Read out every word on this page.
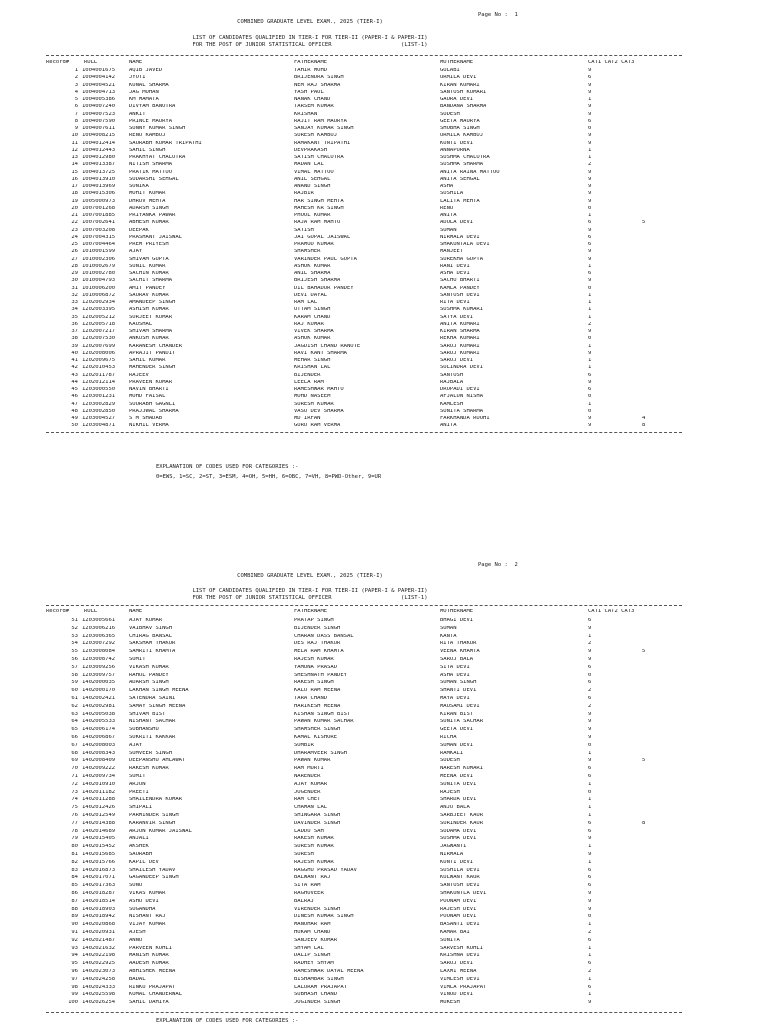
Page No : 1
COMBINED GRADUATE LEVEL EXAM., 2025 (TIER-I)
LIST OF CANDIDATES QUALIFIED IN TIER-I FOR TIER-II (PAPER-I & PAPER-II)
FOR THE POST OF JUNIOR STATISTICAL OFFICER                     (LIST-1)
Record#	ROLL	NAME	FATHERNAME	MOTHERNAME	CAT1 CAT2 CAT3
1 1004001675	AQIB JAVED	TAHIR MOHD	GULABI	9
2 1004004142	JYOTI	BRIJENDRA SINGH	URMILA DEVI	6
3 1004004521	KUNAL SHARMA	NEM RAJ SHARMA	KIRAN KUMARI	9
4 1004004713	JAG MOHAN	YASH PAUL	SANTOSH KUMARI	9
5 1004005386	KM MAMATA	NANAK CHAND	GAURA DEVI	1
6 1004007240	DIVYAM BANOTRA	TARSEM KUMAR	BANDANA SHARMA	9
7 1004007523	ANKIT	KRISHAN	SUDESH	9
8 1004007590	PRINCE MAURYA	RAJIT RAM MAURYA	GEETA MAURYA	6
9 1004007611	SUNNY KUMAR SINGH	SANJAY KUMAR SINGH	SHOBHA SINGH	0
10 1004008215	RENU KAMBOJ	SURESH KAMBOJ	URMILA KAMBOJ	9
11 1004012414	SAURABH KUMAR TRIPATHI	RAMAKANT TRIPATHI	KUNTI DEVI	9
12 1004012443	SAHIL SINGH	DEVPRAKASH	ANNAPURNA	1
13 1004012980	PRAKHYAT CHALOTRA	SATISH CHALOTRA	SUSHMA CHALOTRA	1
14 1004013387	NITISH SHARMA	MADAN LAL	SUSHMA SHARMA	2
15 1004013725	PRATIK MATTOO	VIMAL MATTOO	ANITA RAINA MATTOO	9
16 1004013910	SUDARSHI SEHGAL	ANIL SEHGAL	ANITA SEHGAL	9
17 1004013969	SONIKA	ANAND SINGH	ASHA	9
18 1004015306	MOHIT KUMAR	RAJBIR	SUSHILA	9
19 1005000973	DHRUV MEHTA	HAR SINGH MEHTA	LALITA MEHTA	9
20 1007001268	ADARSH SINGH	MAHESH KR SINGH	RENU	0
21 1007001885	PRIYANKA PAWAR	PHOOL KUMAR	ANITA	1
22 1007002641	ABHESH KUMAR	RAJA RAM MAHTO	ADULA DEVI	6	5
23 1007003208	DEEPAK	SATISH	SUMAN	9
24 1007004315	PRASHANT JAISWAL	JAI GOPAL JAISWAL	NIRMALA DEVI	6
25 1007004464	PREM PRIYESH	PRAMOD KUMAR	SHAKUNTALA DEVI	6
26 1010001599	AJAY	SHAMSHER	MANJEET	9
27 1010002306	SHIVAM GUPTA	VARINDER PAUL GUPTA	SUREKHA GUPTA	9
28 1010002679	SUNIL KUMAR	ASHOK KUMAR	RANI DEVI	1
29 1010002780	SACHIN KUMAR	ANIL SHARMA	ASHA DEVI	6
30 1010004793	SACHIT SHARMA	BRIJESH SHARMA	SACHU BHARTI	9
31 1010006200	AMIT PANDEY	DIL BAHADUR PANDEY	KAMLA PANDEY	0
32 1010006872	SAURAV KUMAR	DEVI DAYAL	SANTOSH DEVI	1
33 1202002934	AMANDEEP SINGH	RAM LAL	RITA DEVI	1
34 1202003395	ASHISH KUMAR	UTTAM SINGH	SUSHMA KUMARI	1
35 1202005212	SURJEET KUMAR	KARAM CHAND	SATYA DEVI	1
36 1202005718	KAUSHAL	RAJ KUMAR	ANITA KUMARI	2
37 1202007217	SHIVAM SHARMA	VIVEK SHARMA	KIRAN SHARMA	9
38 1202007530	ANKUSH KUMAR	ASHOK KUMAR	REKHA KUMARI	0
39 1202007699	KARANESH CHANDER	JAGDISH CHAND RANOTE	SAROJ KUMARI	1
40 1202008006	APRAJIT PANDIT	RAVI KANT SHARMA	SAROJ KUMARI	9
41 1202009675	SAHIL KUMAR	MEHAR SINGH	SAROJ DEVI	1
42 1202010453	MAHENDER SINGH	KRISHAN LAL	SULINDRA DEVI	1
43 1202011787	RAJEEV	BIJENDER	SANTOSH	6
44 1202012114	PRAVEEN KUMAR	LEELA RAM	RAJBALA	9
45 1203000550	NAVIN BHARTI	RAMESHWAR MAHTO	DROPADI DEVI	6
46 1203001231	MOHD FAISAL	MOHD NASEEM	AFJALUN NISHA	0
47 1203002829	SOURABH GAGNLI	SURESH KUMAR	KAMLESH	1
48 1203002850	PRAJJWAL SHARMA	VASU DEV SHARMA	SUNITA SHARMA	0
49 1203004527	S M SHADAB	MD IRFAN	FARKHANDA ROOHI	9	4
50 1203004871	NIKHIL VERMA	GURU RAM VERMA	ANITA	9	8
EXPLANATION OF CODES USED FOR CATEGORIES :-
0=EWS, 1=SC, 2=ST, 3=ESM, 4=OH, 5=HH, 6=OBC, 7=VH, 8=PWD-Other, 9=UR
Page No : 2
COMBINED GRADUATE LEVEL EXAM., 2025 (TIER-I)
LIST OF CANDIDATES QUALIFIED IN TIER-I FOR TIER-II (PAPER-I & PAPER-II)
FOR THE POST OF JUNIOR STATISTICAL OFFICER                     (LIST-1)
Record#	ROLL	NAME	FATHERNAME	MOTHERNAME	CAT1 CAT2 CAT3
51 1203005661	AJAY KUMAR	PRATAP SINGH	BHAGI DEVI	6
52 1203006216	VAIBHAV SINGH	BIJENDER SINGH	SUMAN	9
53 1203006365	CHIRAG BANSAL	CHARAN DASS BANSAL	KANTA	1
54 1203007292	SAKSHAM THAKUR	DES RAJ THAKUR	RITA THAKUR	2
55 1203008084	SAMRITI KHAMTA	MELA RAM KHAMTA	VEENA KHAMTA	9	5
56 1203008742	SUMIT	RAJESH KUMAR	SAROJ BALA	9
57 1203009256	VIKASH KUMAR	YAMUNA PRASAD	SITA DEVI	6
58 1203009757	RAHUL PANDEY	SHESHNATH PANDEY	ASHA DEVI	0
59 1402000035	ADARSH SINGH	RAKESH SINGH	SUMAN SINGH	6
60 1402000170	LAKHAN SINGH MEENA	KALU RAM MEENA	SHANTI DEVI	2
61 1402002421	SATENDRA SAINI	TARA CHAND	MAYA DEVI	6
62 1402002981	SAMAY SINGH MEENA	HARIKESH MEENA	MAUSAMI DEVI	2
63 1402005038	SHIVAM BIST	KISHAN SINGH BIST	KIRAN BIST	9
64 1402005533	NISHANT SACHAR	PAWAN KUMAR SACHAR	SUNITA SACHAR	9
65 1402006174	SUBHANSHU	SHAMSHER SINGH	GEETA DEVI	9
66 1402006867	SUKRITI KAKKAR	KAMAL KISHORE	RICHA	9
67 1402008003	AJAY	SOMBIR	SUMAN DEVI	0
68 1402008343	SUMVEER SINGH	DHARAMVEER SINGH	RAMKALI	1
69 1402008409	DEEPANSHU AHLAWAT	PAWAN KUMAR	SUDESH	9	5
70 1402009222	RAKESH KUMAR	RAM MURTI	NARESH KUMARI	6
71 1402009734	SUMIT	NARENDER	MEENA DEVI	6
72 1402010910	ARJUN	AJAY KUMAR	SUNITA DEVI	1
73 1402011182	PREETI	JOGENDER	RAJESH	0
74 1402011288	SHAILENDRA KUMAR	RAM CHET	SHARDA DEVI	1
75 1402012426	SHIPALI	CHAMAN LAL	ANJU BALA	1
76 1402012549	PARMINDER SINGH	SHINGARA SINGH	SARBJEET KAUR	1
77 1402014388	KARANVIR SINGH	DAVINDER SINGH	SURINDER KAUR	6	8
78 1402014689	ARJUN KUMAR JAISWAL	LADDU SAH	SUDAMA DEVI	6
79 1402015405	ANJALI	RAKESH KUMAR	SUSHMA DEVI	9
80 1402015452	AKSHEK	SURESH KUMAR	JAGWANTI	1
81 1402015685	SAURABH	SURESH	NIRMALA	9
82 1402015766	KAPIL DEV	RAJESH KUMAR	KUNTI DEVI	1
83 1402016873	SHAILESH YADAV	RAGGHU PRASAD YADAV	SUSHILA DEVI	6
84 1402017071	GAGANDEEP SINGH	BALWANT RAJ	KULWANT KAUR	6
85 1402017363	SONU	SITA RAM	SANTOSH DEVI	6
86 1402018287	VIKAS KUMAR	RAGHUVEER	SHAKUNTLA DEVI	9
87 1402018514	ASHU DEVI	BALRAJ	POONAM DEVI	9
88 1402018903	SUGANDHA	VIRENDER SINGH	RAJESH DEVI	9
89 1402018942	NISHANT RAJ	DINESH KUMAR SINGH	POONAM DEVI	0
90 1402020868	VIJAY KUMAR	MANOHAR RAM	BASANTI DEVI	1
91 1402020931	AJESH	HUKAM CHAND	KAMAR BAI	2
92 1402021487	ANNU	SANJEEV KUMAR	SUNITA	6
93 1402021632	PARVEEN KOHLI	SHYAM LAL	SARVESH KOHLI	1
94 1402022198	MANISH KUMAR	DALIP SINGH	KRISHNA DEVI	1
95 1402022925	AADESH KUMAR	RADHEY SHYAM	SAROJ DEVI	6
96 1402023073	ABHISHEK MEENA	RAMESHWAR DAYAL MEENA	LAXMI MEENA	2
97 1402024258	BADAL	BISHAMBAR SINGH	VIMLESH DEVI	1
98 1402024333	RINKU PRAJAPAT	LALURAM PRAJAPAT	VIMLA PRAJAPAT	6
99 1402025598	KOMAL CHANDERWAL	SUBHASH CHAND	VINOD DEVI	1
100 1402026254	SAHIL DAHIYA	JOGINDER SINGH	MUKESH	9
EXPLANATION OF CODES USED FOR CATEGORIES :-
